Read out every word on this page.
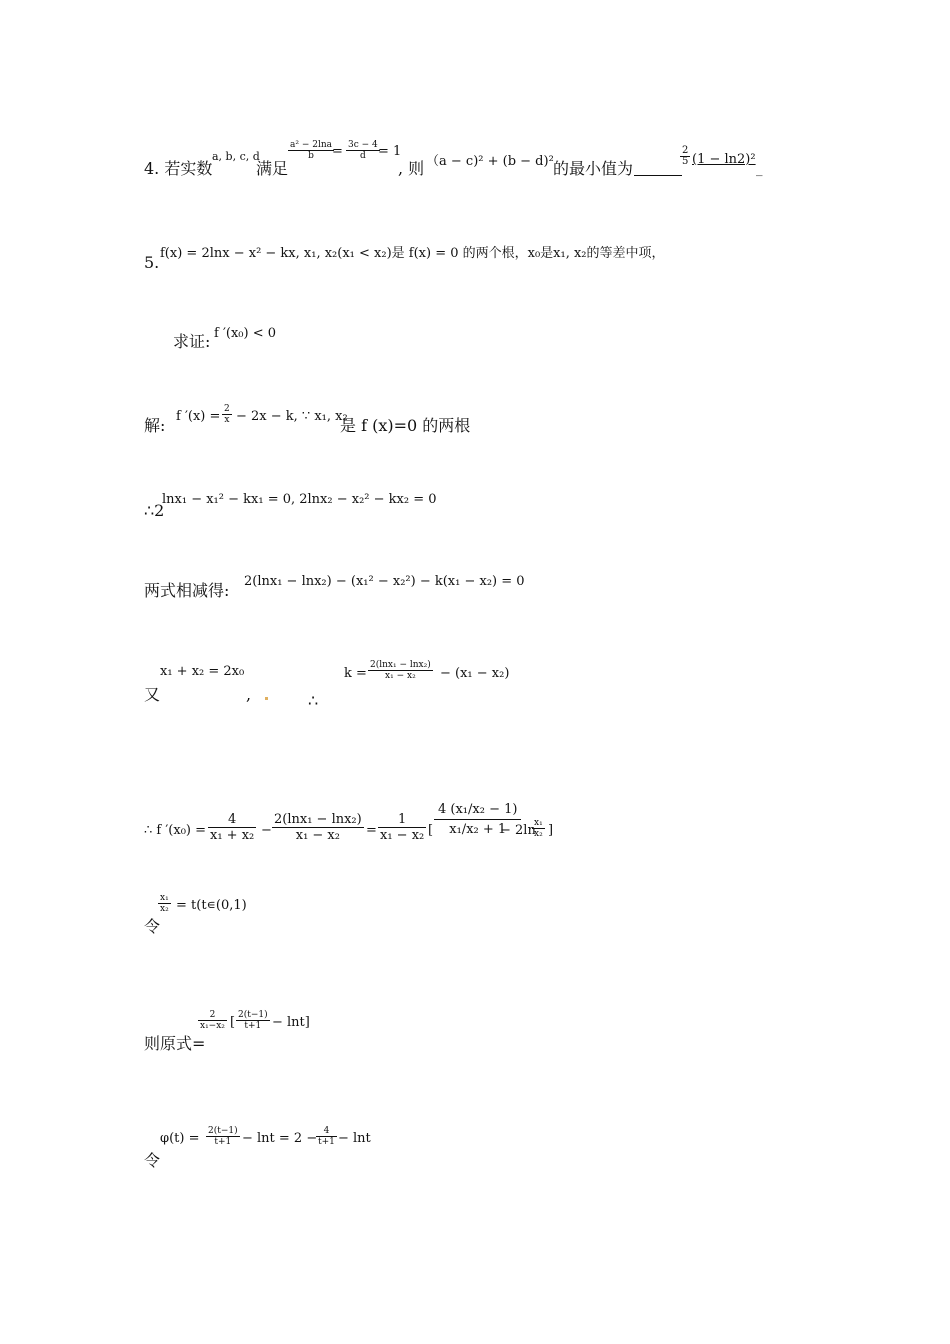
4. 若实数
a, b, c, d
满足
$\frac{\text{a² − 2lna}}{b}$
= $\frac{3c - 4}{d}$
= 1
, 则 （a − c)² + (b − d)² 的最小值为
$\frac{2}{5} (1 - \ln 2)^2$
_
5. f(x) = 2lnx − x² − kx, x₁, x₂(x₁ < x₂)是 f(x) = 0 的两个根，x₀是x₁, x₂的等差中项，
求证: f ′(x₀) < 0
解: f $'(x) = \frac{2}{x} - 2x - k$, ∵ x₁, x₂
是 f (x)=0 的两根
∴2
lnx₁ − x₁² − kx₁ = 0, 2lnx₂ − x₂² − kx₂ = 0
两式相减得: 2(lnx₁ − lnx₂) − (x₁² − x₂²) − k(x₁ − x₂) = 0
x₁ + x₂ = 2x₀
又	,	∴
$k = \frac{\text{2(lnx₁ − lnx₂)}}{\text{x₁ − x₂}} - (x_1 - x_2)$
∴ f $'(x_0) = \frac{4}{\text{x₁ + x₂}} - \frac{\text{2(lnx₁ − lnx₂)}}{\text{x₁ − x₂}} = \frac{1}{\text{x₁ − x₂}}$ [ $\frac{\text{4 (x₁/x₂ − 1)}}{\text{x₁/x₂ + 1}}$
− 2ln
$\frac{\text{x₁}}{\text{x₂}}$ ]
$\frac{\text{x₁}}{\text{x₂}}$ = t(t∊(0,1)
令
$\frac{2}{\text{x₁−x₂}}$ [ $\frac{2(t-1)}{t+1} - \ln t$]
则原式=
$\varphi(t) = \frac{2(t-1)}{t+1} - \ln t = 2$ −
$\frac{4}{t+1} - \ln t$
令
